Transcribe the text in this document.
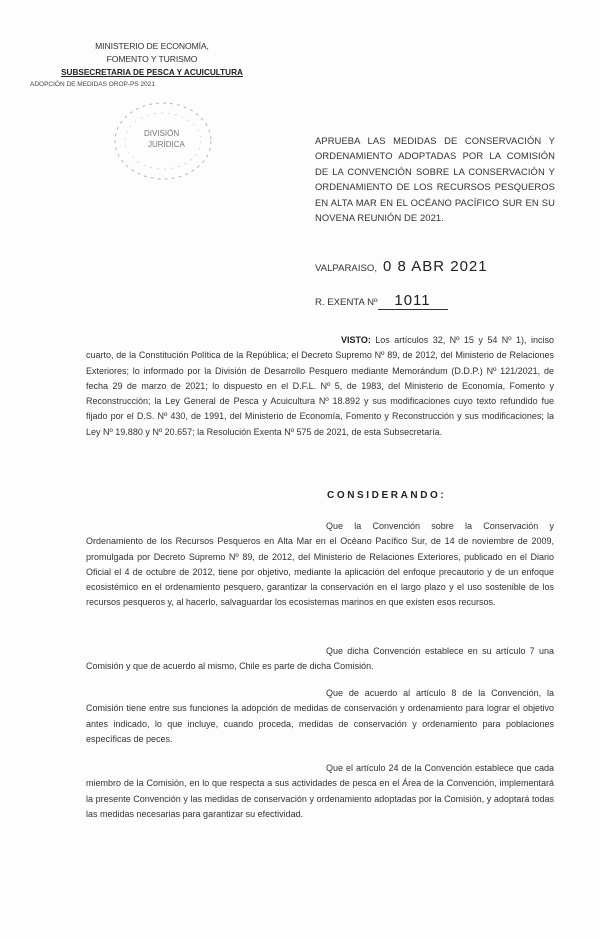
MINISTERIO DE ECONOMÍA,
FOMENTO Y TURISMO
SUBSECRETARIA DE PESCA Y ACUICULTURA
ADOPCIÓN DE MEDIDAS OROP-PS 2021
DIVISIÓN
JURÍDICA	APRUEBA LAS MEDIDAS DE CONSERVACIÓN Y ORDENAMIENTO ADOPTADAS POR LA COMISIÓN DE LA CONVENCIÓN SOBRE LA CONSERVACIÓN Y ORDENAMIENTO DE LOS RECURSOS PESQUEROS EN ALTA MAR EN EL OCÉANO PACÍFICO SUR EN SU NOVENA REUNIÓN DE 2021.
VALPARAISO, 0 8 ABR 2021
R. EXENTA Nº 1011

VISTO: Los artículos 32, Nº 15 y 54 Nº 1), inciso cuarto, de la Constitución Política de la República; el Decreto Supremo Nº 89, de 2012, del Ministerio de Relaciones Exteriores; lo informado por la División de Desarrollo Pesquero mediante Memorándum (D.D.P.) Nº 121/2021, de fecha 29 de marzo de 2021; lo dispuesto en el D.F.L. Nº 5, de 1983, del Ministerio de Economía, Fomento y Reconstrucción; la Ley General de Pesca y Acuicultura Nº 18.892 y sus modificaciones cuyo texto refundido fue fijado por el D.S. Nº 430, de 1991, del Ministerio de Economía, Fomento y Reconstrucción y sus modificaciones; la Ley Nº 19.880 y Nº 20.657; la Resolución Exenta Nº 575 de 2021, de esta Subsecretaría.

CONSIDERANDO:

Que la Convención sobre la Conservación y Ordenamiento de los Recursos Pesqueros en Alta Mar en el Océano Pacífico Sur, de 14 de noviembre de 2009, promulgada por Decreto Supremo Nº 89, de 2012, del Ministerio de Relaciones Exteriores, publicado en el Diario Oficial el 4 de octubre de 2012, tiene por objetivo, mediante la aplicación del enfoque precautorio y de un enfoque ecosistémico en el ordenamiento pesquero, garantizar la conservación en el largo plazo y el uso sostenible de los recursos pesqueros y, al hacerlo, salvaguardar los ecosistemas marinos en que existen esos recursos.

Que dicha Convención establece en su artículo 7 una Comisión y que de acuerdo al mismo, Chile es parte de dicha Comisión.

Que de acuerdo al artículo 8 de la Convención, la Comisión tiene entre sus funciones la adopción de medidas de conservación y ordenamiento para lograr el objetivo antes indicado, lo que incluye, cuando proceda, medidas de conservación y ordenamiento para poblaciones específicas de peces.

Que el artículo 24 de la Convención establece que cada miembro de la Comisión, en lo que respecta a sus actividades de pesca en el Área de la Convención, implementará la presente Convención y las medidas de conservación y ordenamiento adoptadas por la Comisión, y adoptará todas las medidas necesarias para garantizar su efectividad.
